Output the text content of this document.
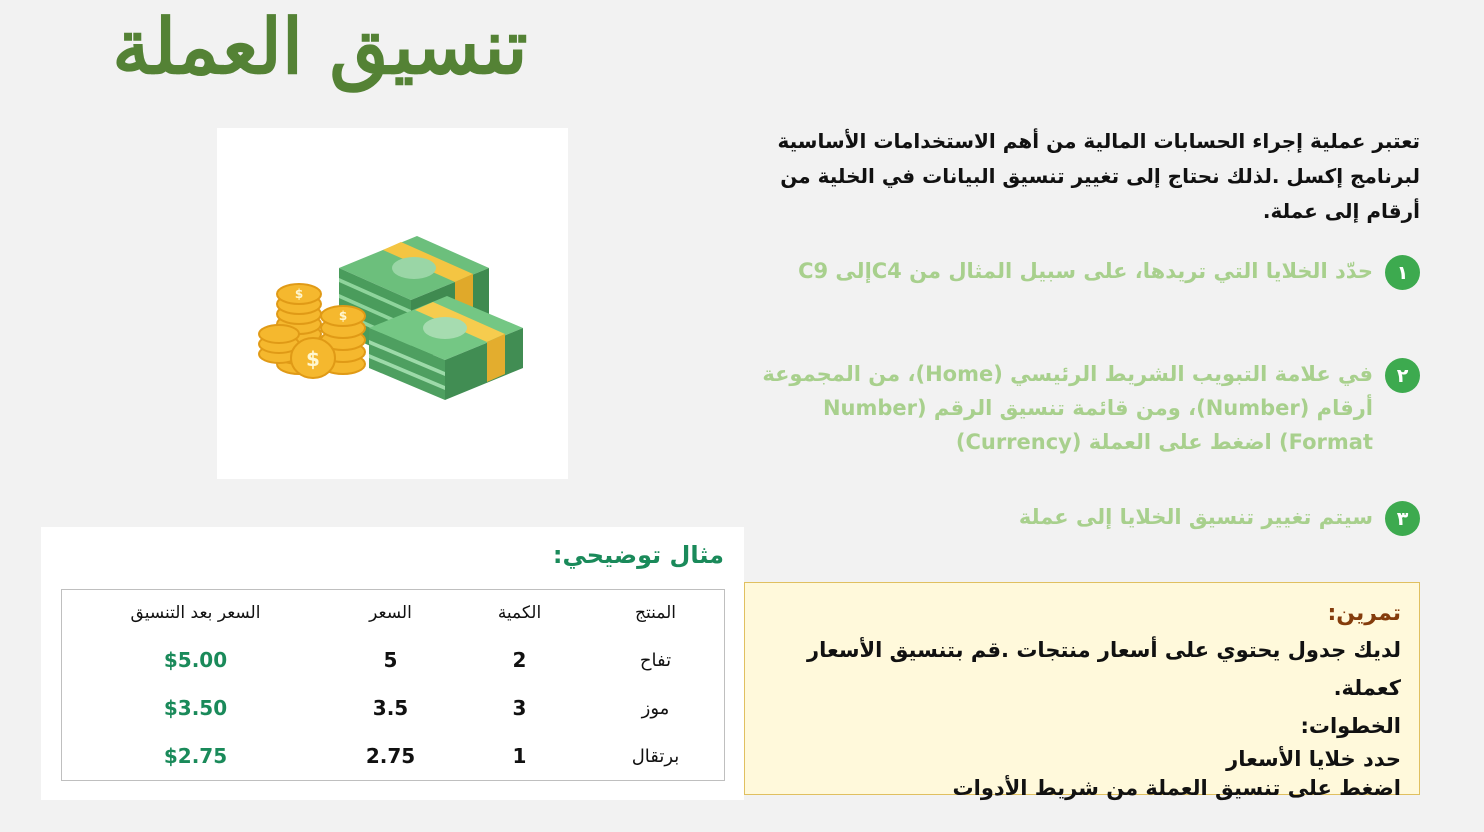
تنسيق العملة
$
$
$
تعتبر عملية إجراء الحسابات المالية من أهم الاستخدامات الأساسية لبرنامج إكسل .لذلك نحتاج إلى تغيير تنسيق البيانات في الخلية من أرقام إلى عملة.
١
حدّد الخلايا التي تريدها، على سبيل المثال من C4إلى C9
٢
في علامة التبويب الشريط الرئيسي (Home)، من المجموعة أرقام (Number)، ومن قائمة تنسيق الرقم (Number Format) اضغط على العملة (Currency)
٣
سيتم تغيير تنسيق الخلايا إلى عملة
مثال توضيحي:
المنتج
الكمية
السعر
السعر بعد التنسيق
تفاح
2
5
$5.00
موز
3
3.5
$3.50
برتقال
1
2.75
$2.75
تمرين:
لديك جدول يحتوي على أسعار منتجات .قم بتنسيق الأسعار كعملة.
الخطوات:
حدد خلايا الأسعار
اضغط على تنسيق العملة من شريط الأدوات
